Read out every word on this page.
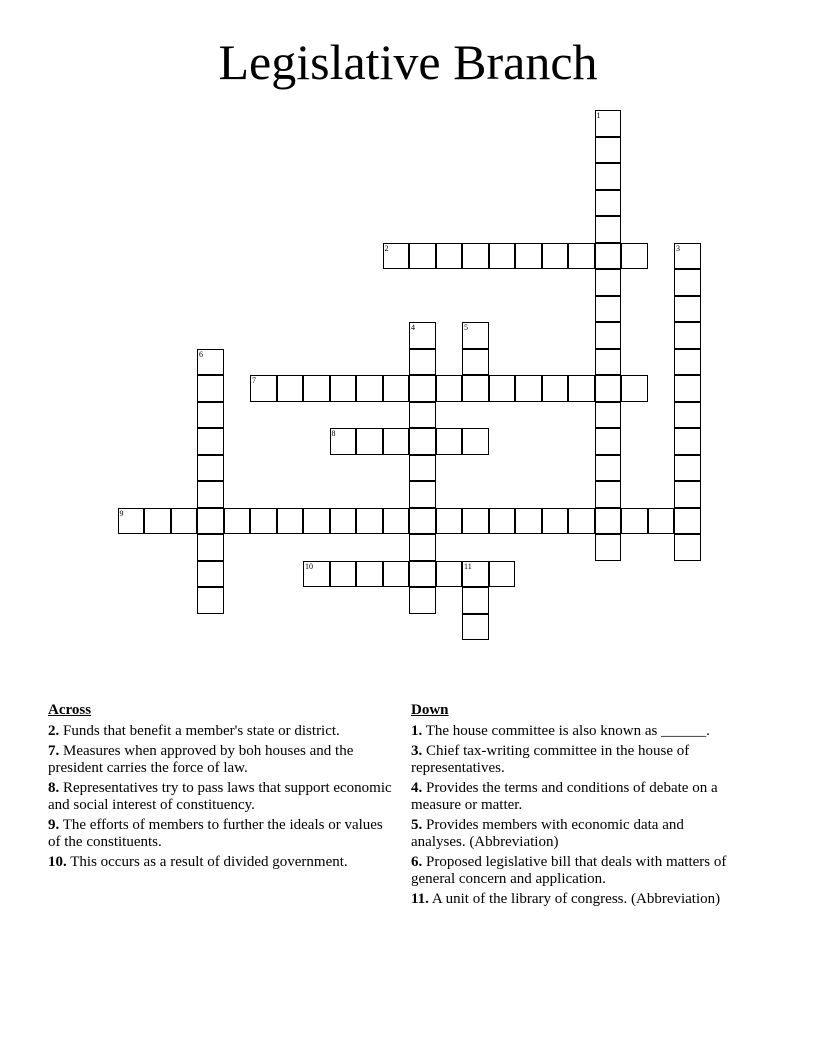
Legislative Branch
1
2	3
4	5
6
7
8
9
10	11
Across
2. Funds that benefit a member's state or district.
7. Measures when approved by boh houses and the president carries the force of law.
8. Representatives try to pass laws that support economic and social interest of constituency.
9. The efforts of members to further the ideals or values of the constituents.
10. This occurs as a result of divided government.
Down
1. The house committee is also known as ______.
3. Chief tax-writing committee in the house of representatives.
4. Provides the terms and conditions of debate on a measure or matter.
5. Provides members with economic data and analyses. (Abbreviation)
6. Proposed legislative bill that deals with matters of general concern and application.
11. A unit of the library of congress. (Abbreviation)
